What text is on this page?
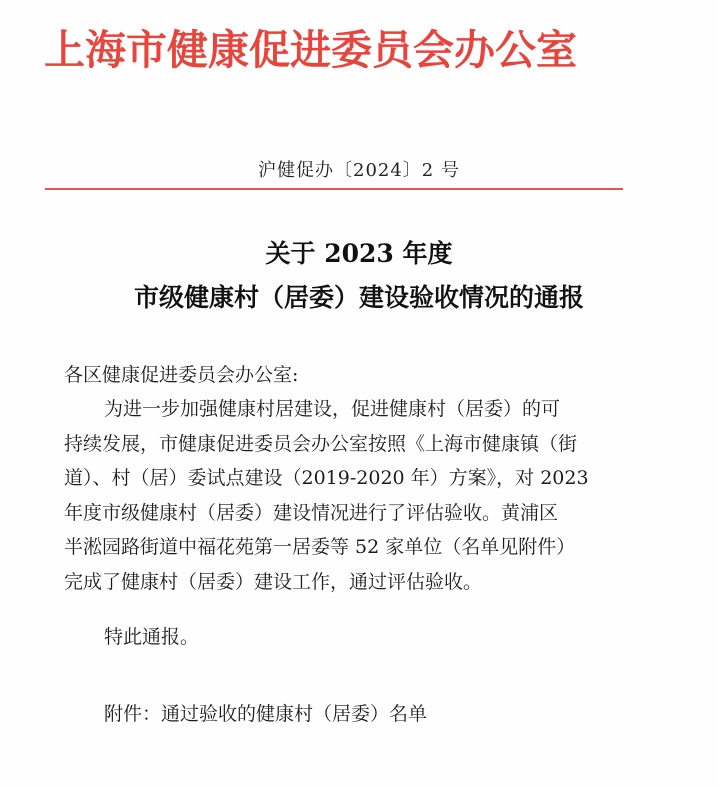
上海市健康促进委员会办公室
沪健促办〔2024〕2 号
关于 2023 年度
市级健康村（居委）建设验收情况的通报
各区健康促进委员会办公室:
为进一步加强健康村居建设，促进健康村（居委）的可
持续发展，市健康促进委员会办公室按照《上海市健康镇（街
道）、村（居）委试点建设（2019-2020 年）方案》，对 2023
年度市级健康村（居委）建设情况进行了评估验收。黄浦区
半淞园路街道中福花苑第一居委等 52 家单位（名单见附件）
完成了健康村（居委）建设工作，通过评估验收。
特此通报。
附件：通过验收的健康村（居委）名单
